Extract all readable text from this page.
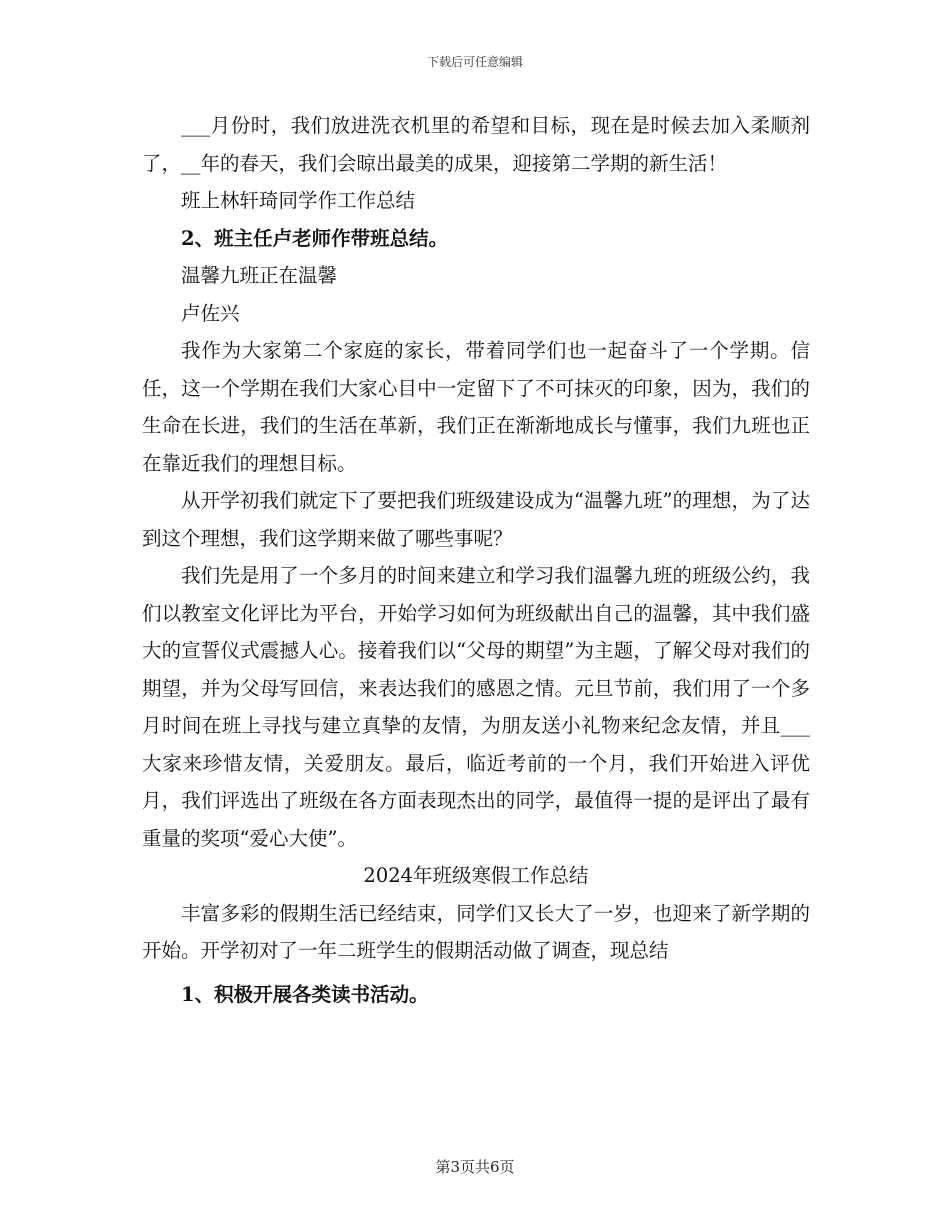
下载后可任意编辑

___月份时，我们放进洗衣机里的希望和目标，现在是时候去加入柔顺剂了，__年的春天，我们会晾出最美的成果，迎接第二学期的新生活！

班上林轩琦同学作工作总结

2、班主任卢老师作带班总结。

温馨九班正在温馨

卢佐兴

我作为大家第二个家庭的家长，带着同学们也一起奋斗了一个学期。信任，这一个学期在我们大家心目中一定留下了不可抹灭的印象，因为，我们的生命在长进，我们的生活在革新，我们正在渐渐地成长与懂事，我们九班也正在靠近我们的理想目标。

从开学初我们就定下了要把我们班级建设成为“温馨九班”的理想，为了达到这个理想，我们这学期来做了哪些事呢？

我们先是用了一个多月的时间来建立和学习我们温馨九班的班级公约，我们以教室文化评比为平台，开始学习如何为班级献出自己的温馨，其中我们盛大的宣誓仪式震撼人心。接着我们以“父母的期望”为主题，了解父母对我们的期望，并为父母写回信，来表达我们的感恩之情。元旦节前，我们用了一个多月时间在班上寻找与建立真挚的友情，为朋友送小礼物来纪念友情，并且___大家来珍惜友情，关爱朋友。最后，临近考前的一个月，我们开始进入评优月，我们评选出了班级在各方面表现杰出的同学，最值得一提的是评出了最有重量的奖项“爱心大使”。

2024年班级寒假工作总结

丰富多彩的假期生活已经结束，同学们又长大了一岁，也迎来了新学期的开始。开学初对了一年二班学生的假期活动做了调查，现总结

1、积极开展各类读书活动。

第3页共6页
